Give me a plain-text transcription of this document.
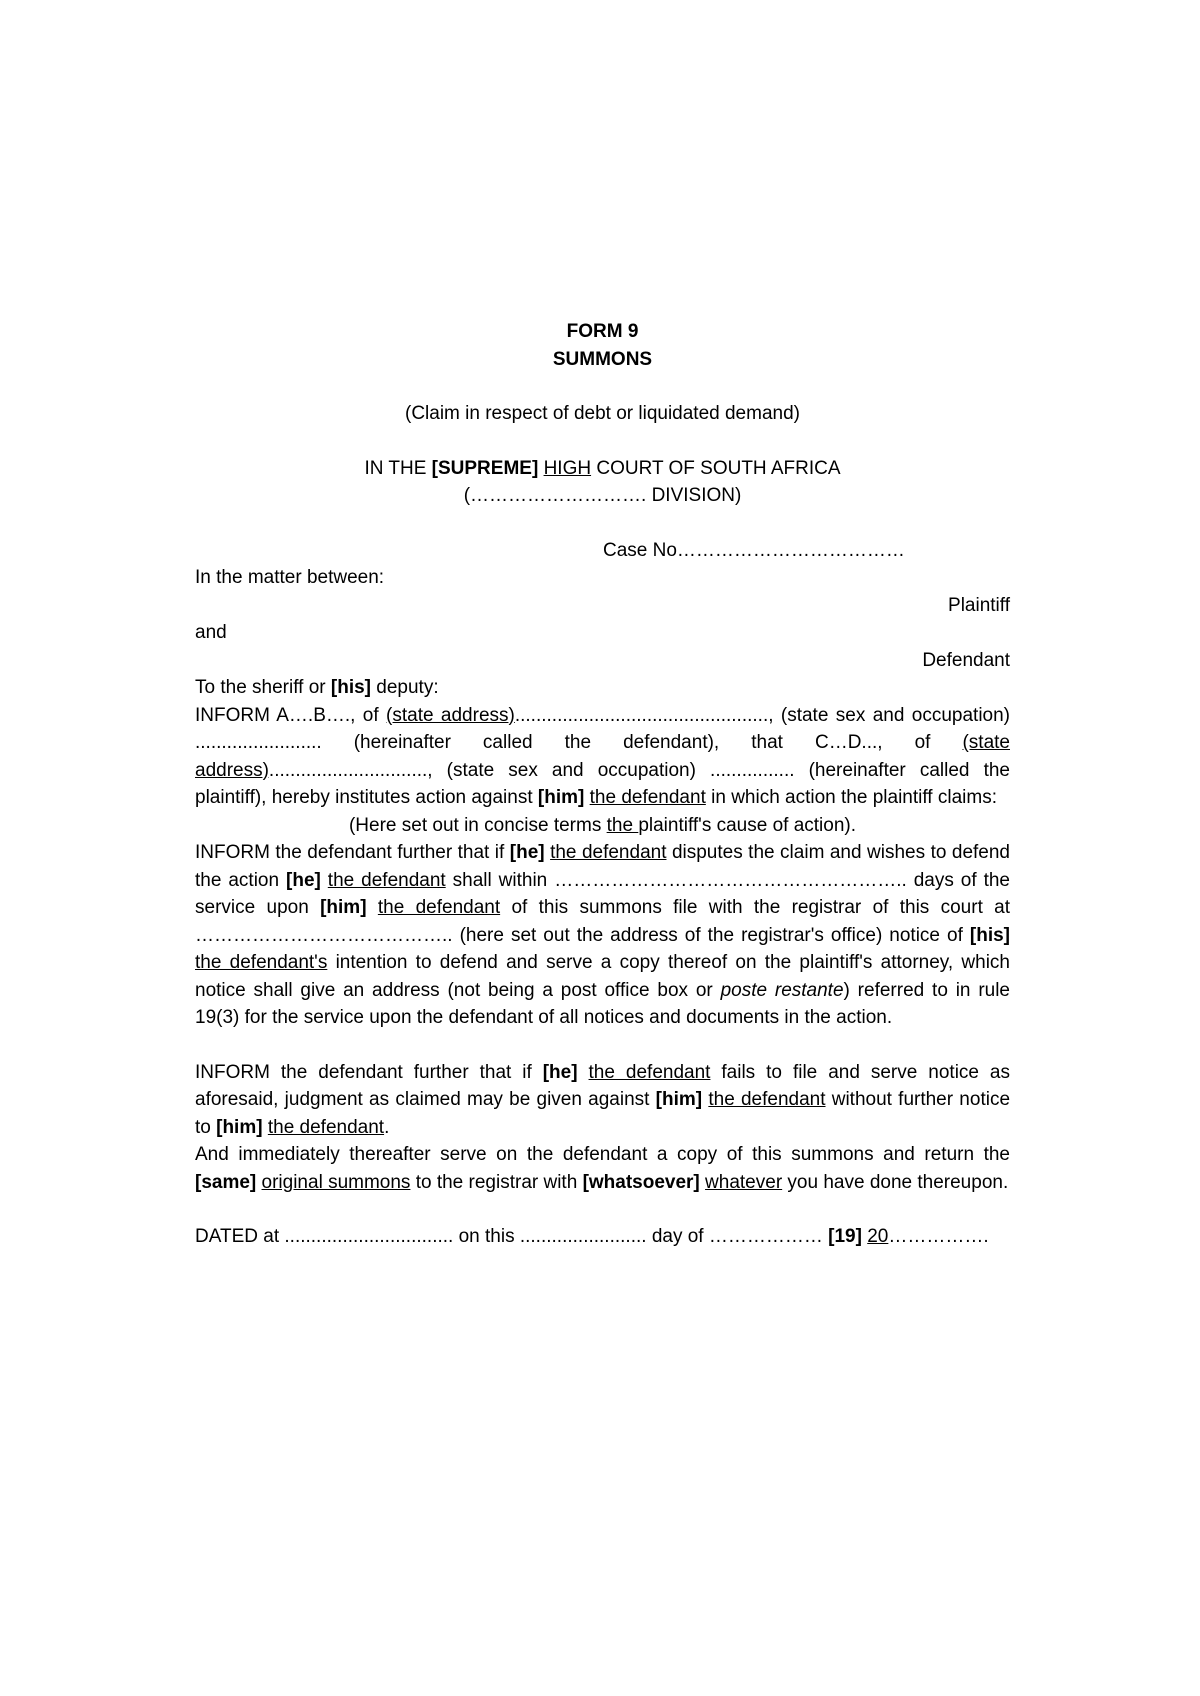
FORM 9

SUMMONS

(Claim in respect of debt or liquidated demand)

IN THE [SUPREME] HIGH COURT OF SOUTH AFRICA

(………………………. DIVISION)

Case No………………………………

In the matter between:

Plaintiff

and

Defendant

To the sheriff or [his] deputy:

INFORM A….B…., of (state address)................................................, (state sex and occupation) ........................ (hereinafter called the defendant), that C…D..., of (state address).............................., (state sex and occupation) ................ (hereinafter called the plaintiff), hereby institutes action against [him] the defendant in which action the plaintiff claims:

(Here set out in concise terms the plaintiff's cause of action).

INFORM the defendant further that if [he] the defendant disputes the claim and wishes to defend the action [he] the defendant shall within ……………………………………………….. days of the service upon [him] the defendant of this summons file with the registrar of this court at ………………………………….. (here set out the address of the registrar's office) notice of [his] the defendant's intention to defend and serve a copy thereof on the plaintiff's attorney, which notice shall give an address (not being a post office box or poste restante) referred to in rule 19(3) for the service upon the defendant of all notices and documents in the action.

INFORM the defendant further that if [he] the defendant fails to file and serve notice as aforesaid, judgment as claimed may be given against [him] the defendant without further notice to [him] the defendant.

And immediately thereafter serve on the defendant a copy of this summons and return the [same] original summons to the registrar with [whatsoever] whatever you have done thereupon.

DATED at ................................ on this ........................ day of ……………… [19] 20…………….
